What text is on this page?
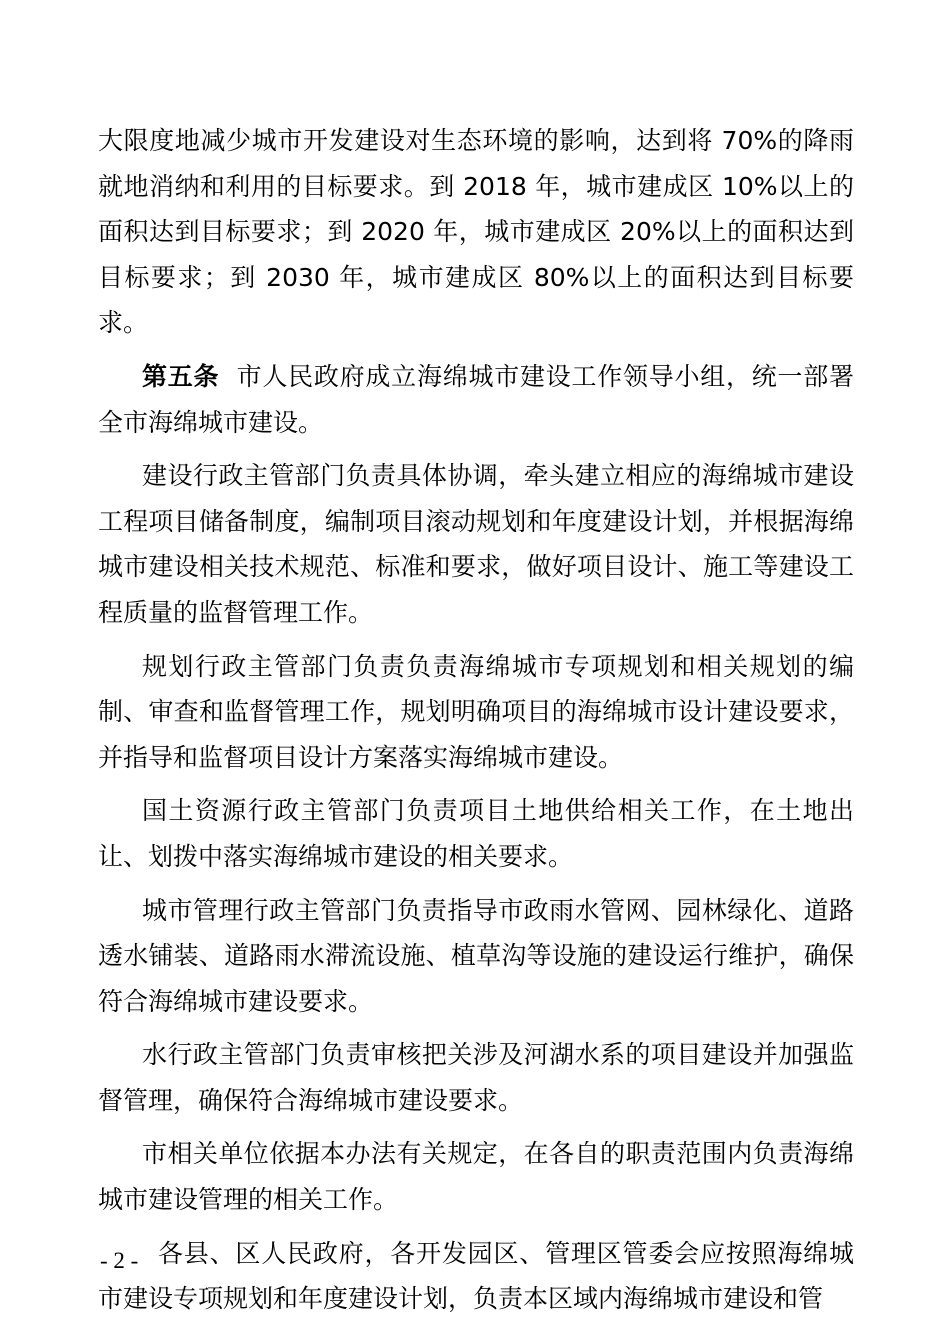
大限度地减少城市开发建设对生态环境的影响，达到将 70%的降雨就地消纳和利用的目标要求。到 2018 年，城市建成区 10%以上的面积达到目标要求；到 2020 年，城市建成区 20%以上的面积达到目标要求；到 2030 年，城市建成区 80%以上的面积达到目标要求。

第五条 市人民政府成立海绵城市建设工作领导小组，统一部署全市海绵城市建设。

建设行政主管部门负责具体协调，牵头建立相应的海绵城市建设工程项目储备制度，编制项目滚动规划和年度建设计划，并根据海绵城市建设相关技术规范、标准和要求，做好项目设计、施工等建设工程质量的监督管理工作。

规划行政主管部门负责负责海绵城市专项规划和相关规划的编制、审查和监督管理工作，规划明确项目的海绵城市设计建设要求，并指导和监督项目设计方案落实海绵城市建设。

国土资源行政主管部门负责项目土地供给相关工作，在土地出让、划拨中落实海绵城市建设的相关要求。

城市管理行政主管部门负责指导市政雨水管网、园林绿化、道路透水铺装、道路雨水滞流设施、植草沟等设施的建设运行维护，确保符合海绵城市建设要求。

水行政主管部门负责审核把关涉及河湖水系的项目建设并加强监督管理，确保符合海绵城市建设要求。

市相关单位依据本办法有关规定，在各自的职责范围内负责海绵城市建设管理的相关工作。

各县、区人民政府，各开发园区、管理区管委会应按照海绵城市建设专项规划和年度建设计划，负责本区域内海绵城市建设和管

- 2 -
